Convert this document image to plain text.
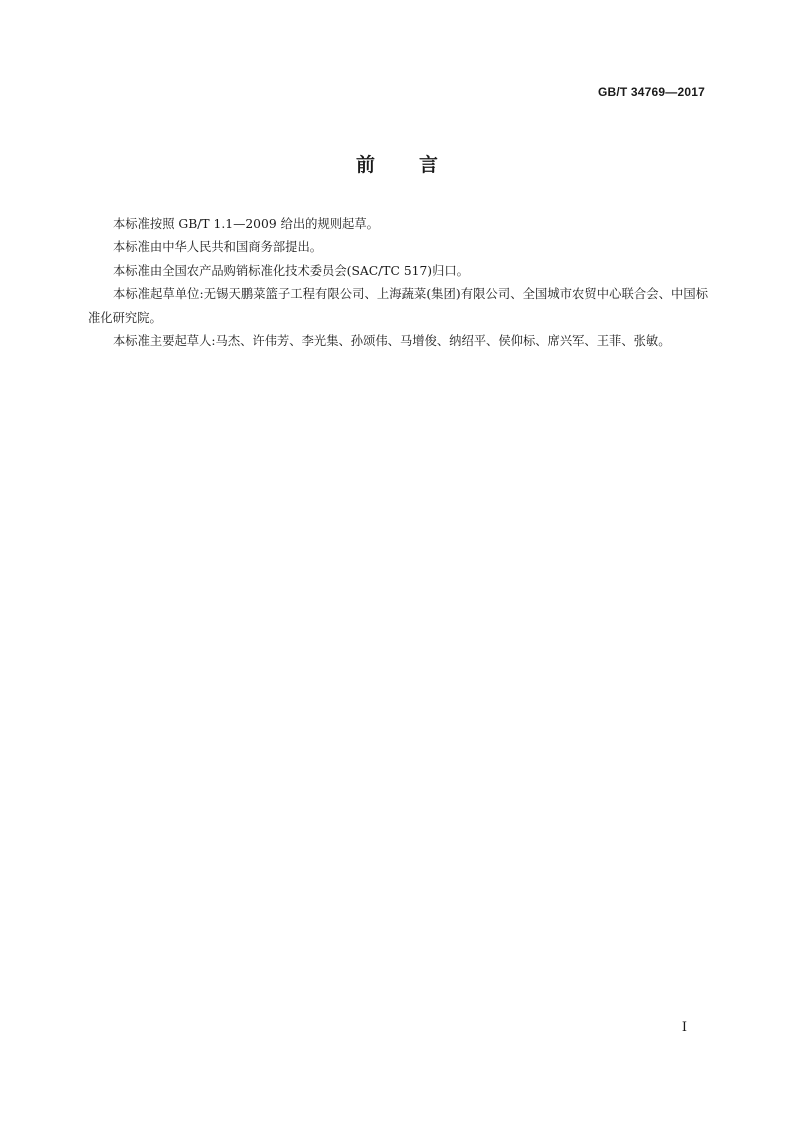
GB/T 34769—2017
前 言

本标准按照 GB/T 1.1—2009 给出的规则起草。

本标准由中华人民共和国商务部提出。

本标准由全国农产品购销标准化技术委员会(SAC/TC 517)归口。

本标准起草单位:无锡天鹏菜篮子工程有限公司、上海蔬菜(集团)有限公司、全国城市农贸中心联合会、中国标准化研究院。

本标准主要起草人:马杰、许伟芳、李光集、孙颂伟、马增俊、纳绍平、侯仰标、席兴军、王菲、张敏。

I
